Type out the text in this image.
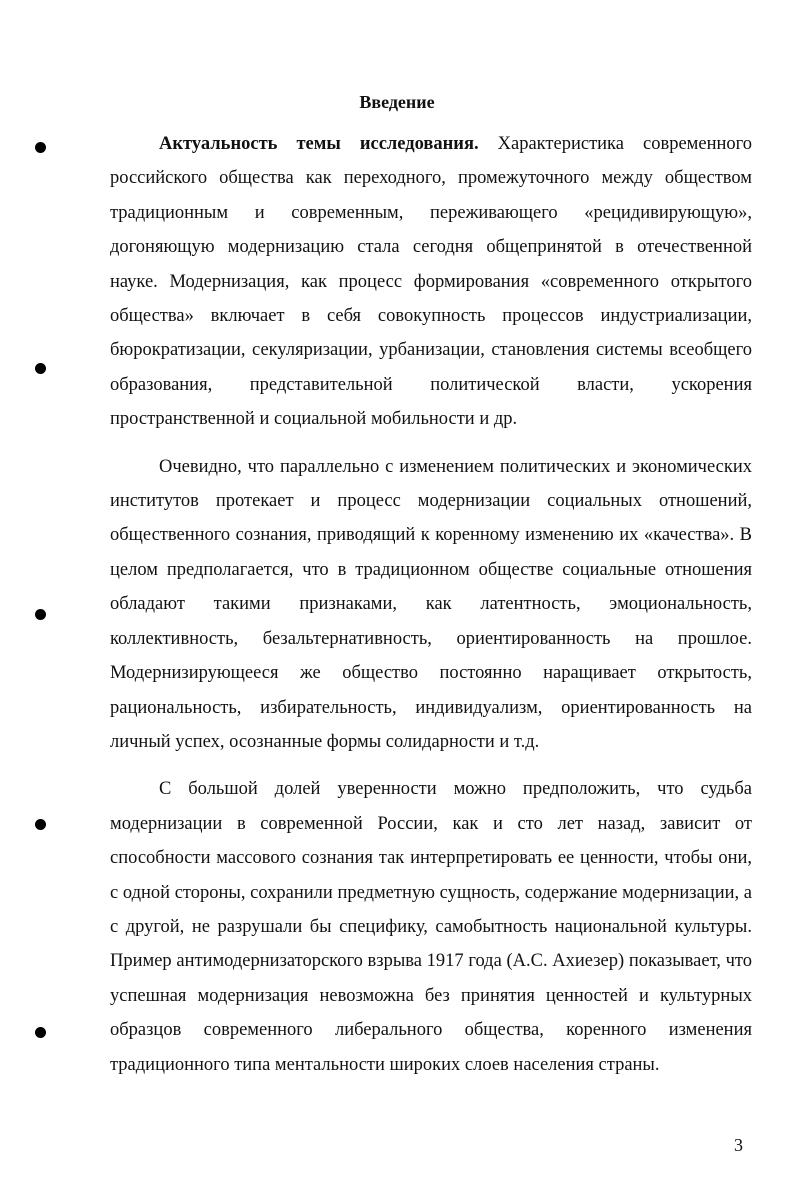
Введение

Актуальность темы исследования. Характеристика современного российского общества как переходного, промежуточного между обществом традиционным и современным, переживающего «рецидивирующую», догоняющую модернизацию стала сегодня общепринятой в отечественной науке. Модернизация, как процесс формирования «современного открытого общества» включает в себя совокупность процессов индустриализации, бюрократизации, секуляризации, урбанизации, становления системы всеобщего образования, представительной политической власти, ускорения пространственной и социальной мобильности и др.

Очевидно, что параллельно с изменением политических и экономических институтов протекает и процесс модернизации социальных отношений, общественного сознания, приводящий к коренному изменению их «качества». В целом предполагается, что в традиционном обществе социальные отношения обладают такими признаками, как латентность, эмоциональность, коллективность, безальтернативность, ориентированность на прошлое. Модернизирующееся же общество постоянно наращивает открытость, рациональность, избирательность, индивидуализм, ориентированность на личный успех, осознанные формы солидарности и т.д.

С большой долей уверенности можно предположить, что судьба модернизации в современной России, как и сто лет назад, зависит от способности массового сознания так интерпретировать ее ценности, чтобы они, с одной стороны, сохранили предметную сущность, содержание модернизации, а с другой, не разрушали бы специфику, самобытность национальной культуры. Пример антимодернизаторского взрыва 1917 года (А.С. Ахиезер) показывает, что успешная модернизация невозможна без принятия ценностей и культурных образцов современного либерального общества, коренного изменения традиционного типа ментальности широких слоев населения страны.

3
